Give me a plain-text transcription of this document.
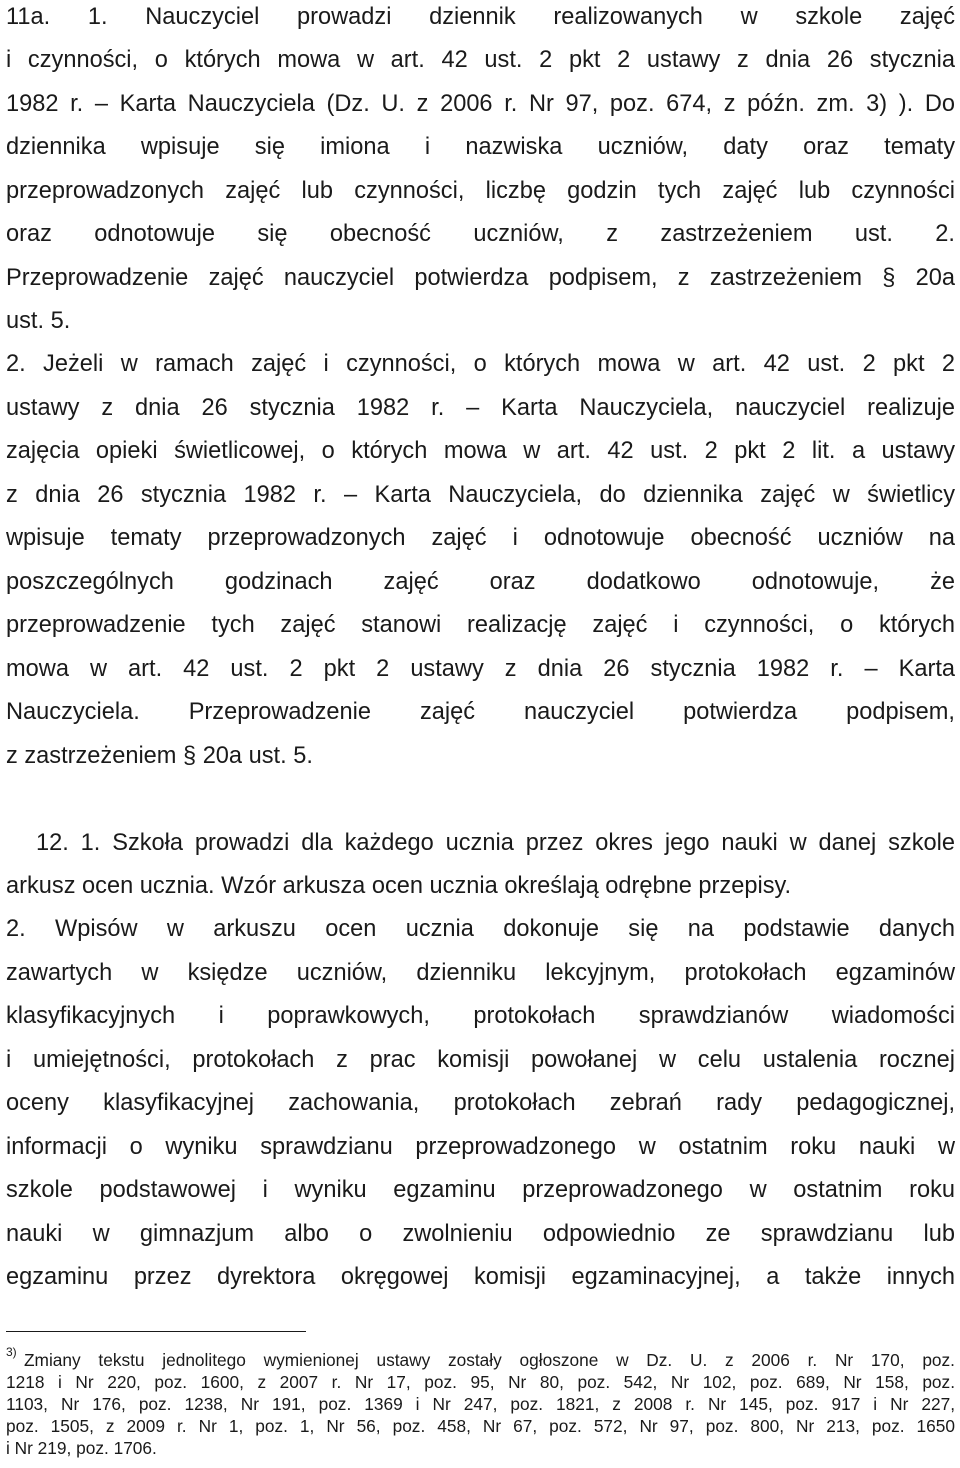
11a. 1. Nauczyciel prowadzi dziennik realizowanych w szkole zajęć
i czynności, o których mowa w art. 42 ust. 2 pkt 2 ustawy z dnia 26 stycznia
1982 r. – Karta Nauczyciela (Dz. U. z 2006 r. Nr 97, poz. 674, z późn. zm. 3) ). Do
dziennika wpisuje się imiona i nazwiska uczniów, daty oraz tematy
przeprowadzonych zajęć lub czynności, liczbę godzin tych zajęć lub czynności
oraz odnotowuje się obecność uczniów, z zastrzeżeniem ust. 2.
Przeprowadzenie zajęć nauczyciel potwierdza podpisem, z zastrzeżeniem § 20a
ust. 5.
2. Jeżeli w ramach zajęć i czynności, o których mowa w art. 42 ust. 2 pkt 2
ustawy z dnia 26 stycznia 1982 r. – Karta Nauczyciela, nauczyciel realizuje
zajęcia opieki świetlicowej, o których mowa w art. 42 ust. 2 pkt 2 lit. a ustawy
z dnia 26 stycznia 1982 r. – Karta Nauczyciela, do dziennika zajęć w świetlicy
wpisuje tematy przeprowadzonych zajęć i odnotowuje obecność uczniów na
poszczególnych godzinach zajęć oraz dodatkowo odnotowuje, że
przeprowadzenie tych zajęć stanowi realizację zajęć i czynności, o których
mowa w art. 42 ust. 2 pkt 2 ustawy z dnia 26 stycznia 1982 r. – Karta
Nauczyciela. Przeprowadzenie zajęć nauczyciel potwierdza podpisem,
z zastrzeżeniem § 20a ust. 5.
12. 1. Szkoła prowadzi dla każdego ucznia przez okres jego nauki w danej szkole
arkusz ocen ucznia. Wzór arkusza ocen ucznia określają odrębne przepisy.
2. Wpisów w arkuszu ocen ucznia dokonuje się na podstawie danych
zawartych w księdze uczniów, dzienniku lekcyjnym, protokołach egzaminów
klasyfikacyjnych i poprawkowych, protokołach sprawdzianów wiadomości
i umiejętności, protokołach z prac komisji powołanej w celu ustalenia rocznej
oceny klasyfikacyjnej zachowania, protokołach zebrań rady pedagogicznej,
informacji o wyniku sprawdzianu przeprowadzonego w ostatnim roku nauki w
szkole podstawowej i wyniku egzaminu przeprowadzonego w ostatnim roku
nauki w gimnazjum albo o zwolnieniu odpowiednio ze sprawdzianu lub
egzaminu przez dyrektora okręgowej komisji egzaminacyjnej, a także innych
3) Zmiany tekstu jednolitego wymienionej ustawy zostały ogłoszone w Dz. U. z 2006 r. Nr 170, poz.
1218 i Nr 220, poz. 1600, z 2007 r. Nr 17, poz. 95, Nr 80, poz. 542, Nr 102, poz. 689, Nr 158, poz.
1103, Nr 176, poz. 1238, Nr 191, poz. 1369 i Nr 247, poz. 1821, z 2008 r. Nr 145, poz. 917 i Nr 227,
poz. 1505, z 2009 r. Nr 1, poz. 1, Nr 56, poz. 458, Nr 67, poz. 572, Nr 97, poz. 800, Nr 213, poz. 1650
i Nr 219, poz. 1706.
